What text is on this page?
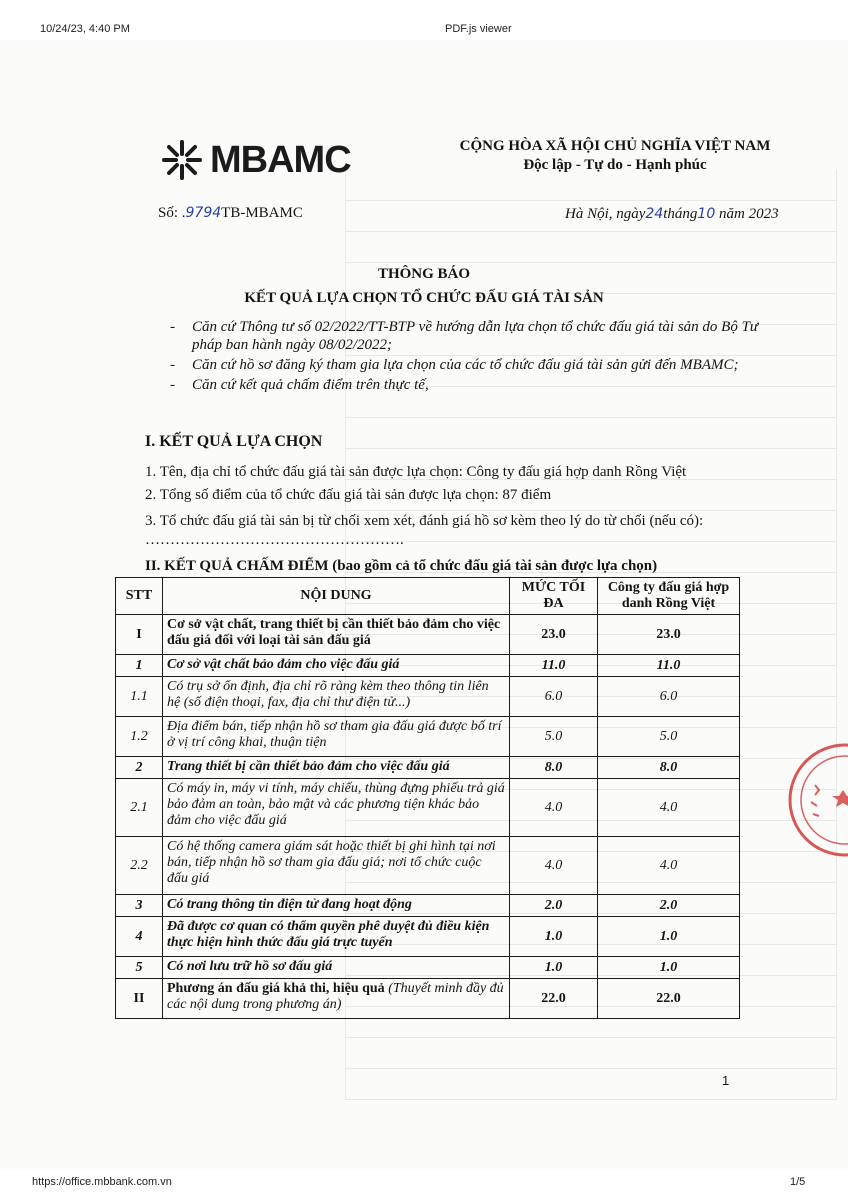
10/24/23, 4:40 PM	PDF.js viewer
MBAMC	CỘNG HÒA XÃ HỘI CHỦ NGHĨA VIỆT NAM
Độc lập - Tự do - Hạnh phúc
Số: .9794TB-MBAMC	Hà Nội, ngày24tháng10 năm 2023
THÔNG BÁO
KẾT QUẢ LỰA CHỌN TỔ CHỨC ĐẤU GIÁ TÀI SẢN
- Căn cứ Thông tư số 02/2022/TT-BTP về hướng dẫn lựa chọn tổ chức đấu giá tài sản do Bộ Tư pháp ban hành ngày 08/02/2022;
- Căn cứ hồ sơ đăng ký tham gia lựa chọn của các tổ chức đấu giá tài sản gửi đến MBAMC;
- Căn cứ kết quả chấm điểm trên thực tế,
I. KẾT QUẢ LỰA CHỌN
1. Tên, địa chỉ tổ chức đấu giá tài sản được lựa chọn: Công ty đấu giá hợp danh Rồng Việt
2. Tổng số điểm của tổ chức đấu giá tài sản được lựa chọn: 87 điểm
3. Tổ chức đấu giá tài sản bị từ chối xem xét, đánh giá hồ sơ kèm theo lý do từ chối (nếu có): …………………………………………….
II. KẾT QUẢ CHẤM ĐIỂM (bao gồm cả tổ chức đấu giá tài sản được lựa chọn)
STT	NỘI DUNG	MỨC TỐI ĐA	Công ty đấu giá hợp danh Rồng Việt
I	Cơ sở vật chất, trang thiết bị cần thiết bảo đảm cho việc đấu giá đối với loại tài sản đấu giá	23.0	23.0
1	Cơ sở vật chất bảo đảm cho việc đấu giá	11.0	11.0
1.1	Có trụ sở ổn định, địa chỉ rõ ràng kèm theo thông tin liên hệ (số điện thoại, fax, địa chỉ thư điện tử...)	6.0	6.0
1.2	Địa điểm bán, tiếp nhận hồ sơ tham gia đấu giá được bố trí ở vị trí công khai, thuận tiện	5.0	5.0
2	Trang thiết bị cần thiết bảo đảm cho việc đấu giá	8.0	8.0
2.1	Có máy in, máy vi tính, máy chiếu, thùng đựng phiếu trả giá bảo đảm an toàn, bảo mật và các phương tiện khác bảo đảm cho việc đấu giá	4.0	4.0
2.2	Có hệ thống camera giám sát hoặc thiết bị ghi hình tại nơi bán, tiếp nhận hồ sơ tham gia đấu giá; nơi tổ chức cuộc đấu giá	4.0	4.0
3	Có trang thông tin điện tử đang hoạt động	2.0	2.0
4	Đã được cơ quan có thẩm quyền phê duyệt đủ điều kiện thực hiện hình thức đấu giá trực tuyến	1.0	1.0
5	Có nơi lưu trữ hồ sơ đấu giá	1.0	1.0
II	Phương án đấu giá khả thi, hiệu quả (Thuyết minh đầy đủ các nội dung trong phương án)	22.0	22.0
1
https://office.mbbank.com.vn	1/5
